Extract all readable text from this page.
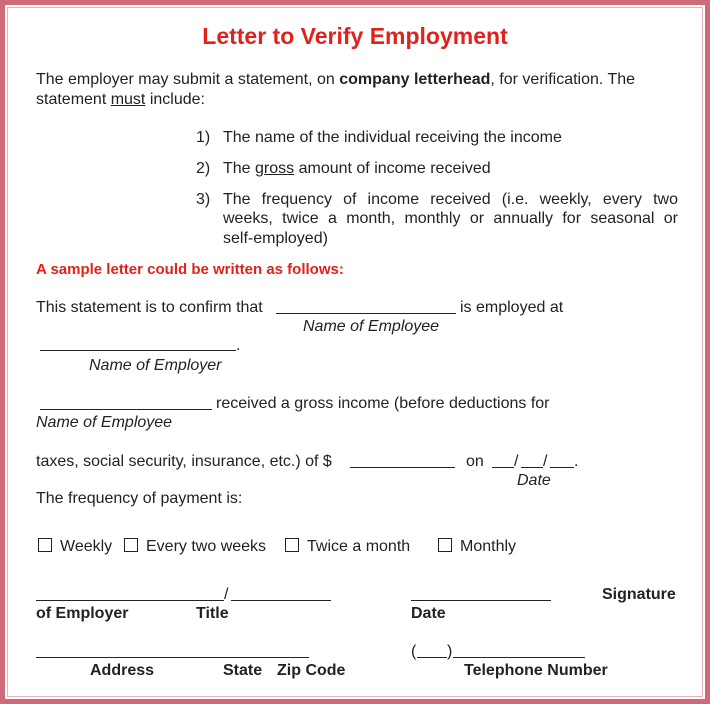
Letter to Verify Employment
The employer may submit a statement, on company letterhead, for verification. The
statement must include:
1) The name of the individual receiving the income
2) The gross amount of income received
3) The frequency of income received (i.e. weekly, every two
weeks, twice a month, monthly or annually for seasonal or
self-employed)
A sample letter could be written as follows:
This statement is to confirm that	is employed at
Name of Employee
.
Name of Employer
received a gross income (before deductions for
Name of Employee
taxes, social security, insurance, etc.) of $	on / / .
Date
The frequency of payment is:
Weekly Every two weeks	Twice a month	Monthly
/	Signature
of Employer	Title	Date
( )
Address	State Zip Code	Telephone Number
